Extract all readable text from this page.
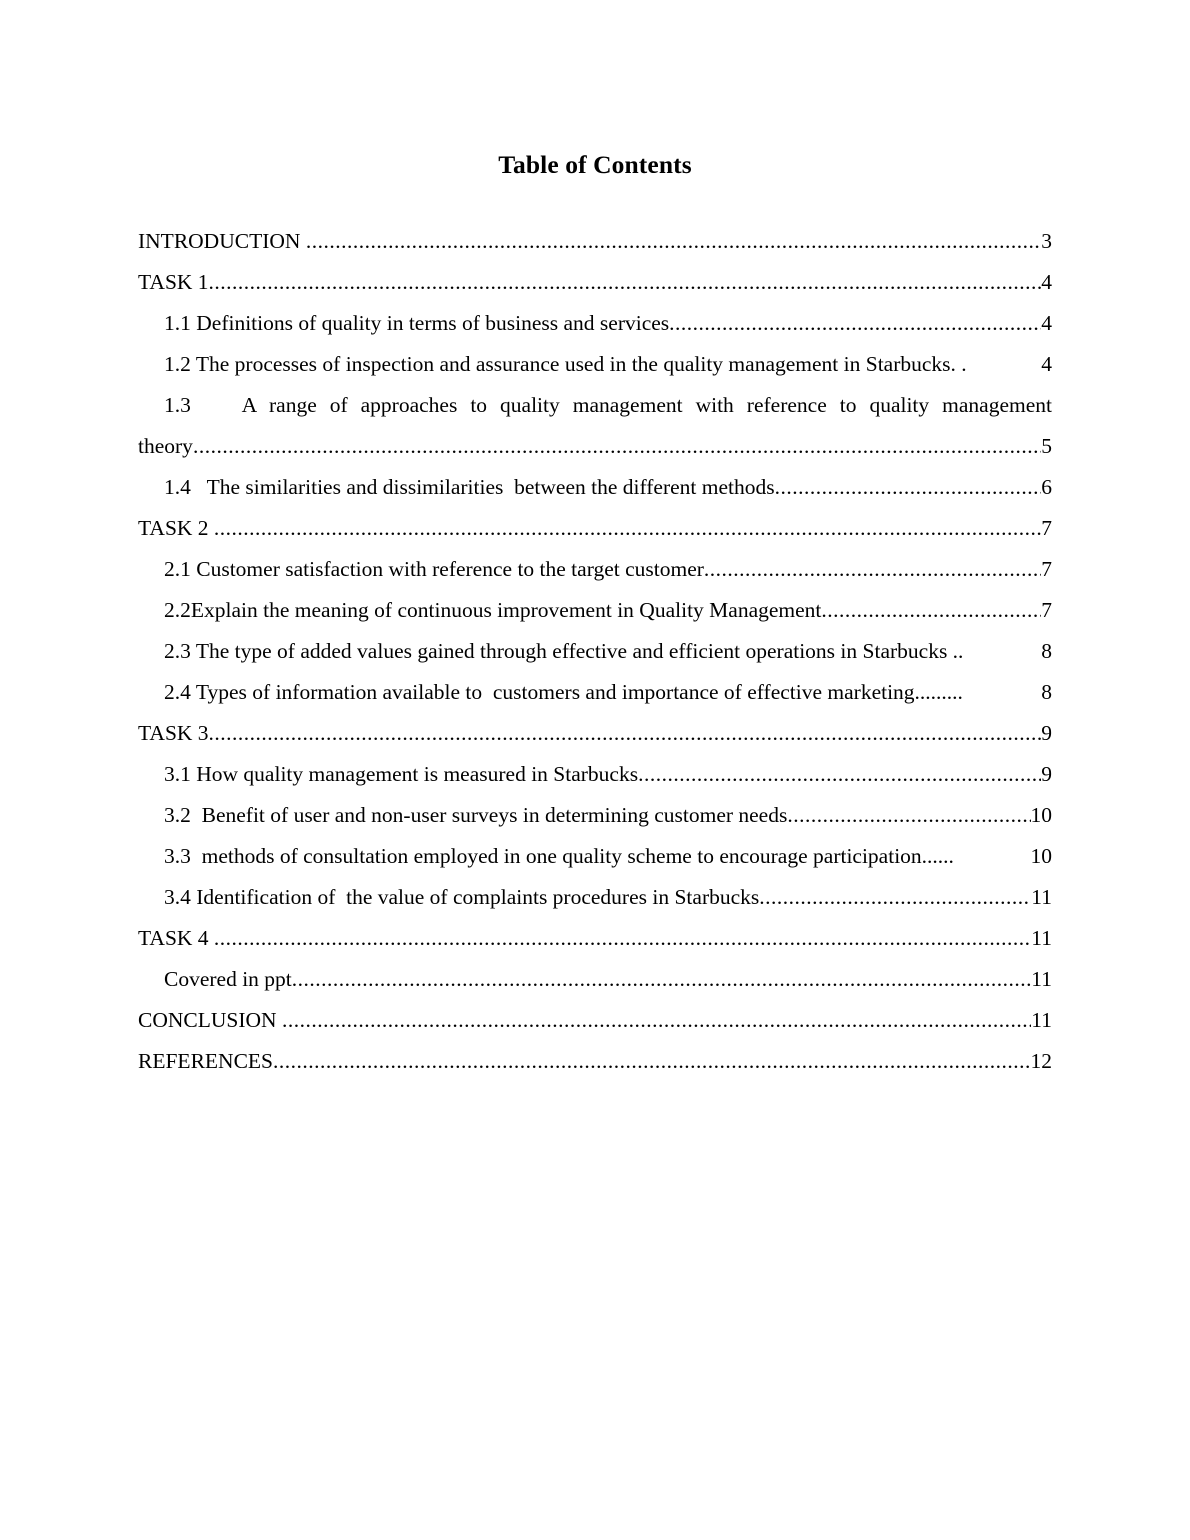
Table of Contents
INTRODUCTION .....	3
TASK 1 .....	4
1.1 Definitions of quality in terms of business and services .....	4
1.2 The processes of inspection and assurance used in the quality management in Starbucks. .	4
1.3    A range of approaches to quality management with reference to quality management
theory .....	5
1.4   The similarities and dissimilarities  between the different methods .....	6
TASK 2 .....	7
2.1 Customer satisfaction with reference to the target customer .....	7
2.2Explain the meaning of continuous improvement in Quality Management .....	7
2.3 The type of added values gained through effective and efficient operations in Starbucks ..	8
2.4 Types of information available to  customers and importance of effective marketing.........	8
TASK 3 .....	9
3.1 How quality management is measured in Starbucks .....	9
3.2  Benefit of user and non-user surveys in determining customer needs .....	10
3.3  methods of consultation employed in one quality scheme to encourage participation......	10
3.4 Identification of  the value of complaints procedures in Starbucks .....	11
TASK 4 .....	11
Covered in ppt .....	11
CONCLUSION .....	11
REFERENCES .....	12
